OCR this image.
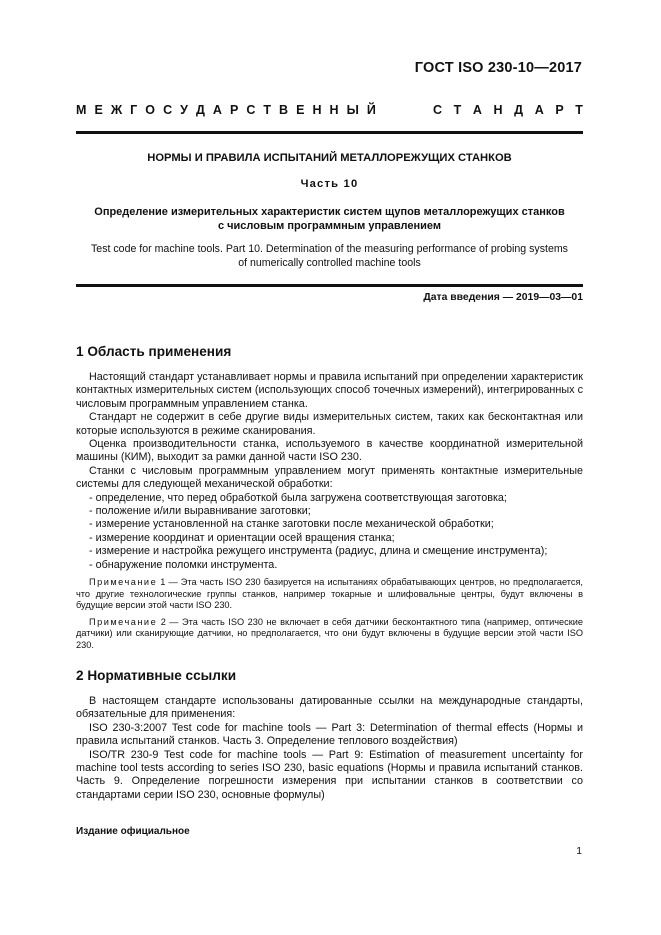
ГОСТ ISO 230-10—2017
М Е Ж Г О С У Д А Р С Т В Е Н Н Ы Й	С Т А Н Д А Р Т
НОРМЫ И ПРАВИЛА ИСПЫТАНИЙ МЕТАЛЛОРЕЖУЩИХ СТАНКОВ
Часть 10
Определение измерительных характеристик систем щупов металлорежущих станков
с числовым программным управлением
Test code for machine tools. Part 10. Determination of the measuring performance of probing systems
of numerically controlled machine tools
Дата введения — 2019—03—01
1 Область применения

Настоящий стандарт устанавливает нормы и правила испытаний при определении характеристик контактных измерительных систем (использующих способ точечных измерений), интегрированных с числовым программным управлением станка.

Стандарт не содержит в себе другие виды измерительных систем, таких как бесконтактная или которые используются в режиме сканирования.

Оценка производительности станка, используемого в качестве координатной измерительной машины (КИМ), выходит за рамки данной части ISO 230.

Станки с числовым программным управлением могут применять контактные измерительные системы для следующей механической обработки:

- определение, что перед обработкой была загружена соответствующая заготовка;

- положение и/или выравнивание заготовки;

- измерение установленной на станке заготовки после механической обработки;

- измерение координат и ориентации осей вращения станка;

- измерение и настройка режущего инструмента (радиус, длина и смещение инструмента);

- обнаружение поломки инструмента.

Примечание 1 — Эта часть ISO 230 базируется на испытаниях обрабатывающих центров, но предполагается, что другие технологические группы станков, например токарные и шлифовальные центры, будут включены в будущие версии этой части ISO 230.

Примечание 2 — Эта часть ISO 230 не включает в себя датчики бесконтактного типа (например, оптические датчики) или сканирующие датчики, но предполагается, что они будут включены в будущие версии этой части ISO 230.

2 Нормативные ссылки

В настоящем стандарте использованы датированные ссылки на международные стандарты, обязательные для применения:

ISO 230-3:2007 Test code for machine tools — Part 3: Determination of thermal effects (Нормы и правила испытаний станков. Часть 3. Определение теплового воздействия)

ISO/TR 230-9 Test code for machine tools — Part 9: Estimation of measurement uncertainty for machine tool tests according to series ISO 230, basic equations (Нормы и правила испытаний станков. Часть 9. Определение погрешности измерения при испытании станков в соответствии со стандартами серии ISO 230, основные формулы)

Издание официальное
1
